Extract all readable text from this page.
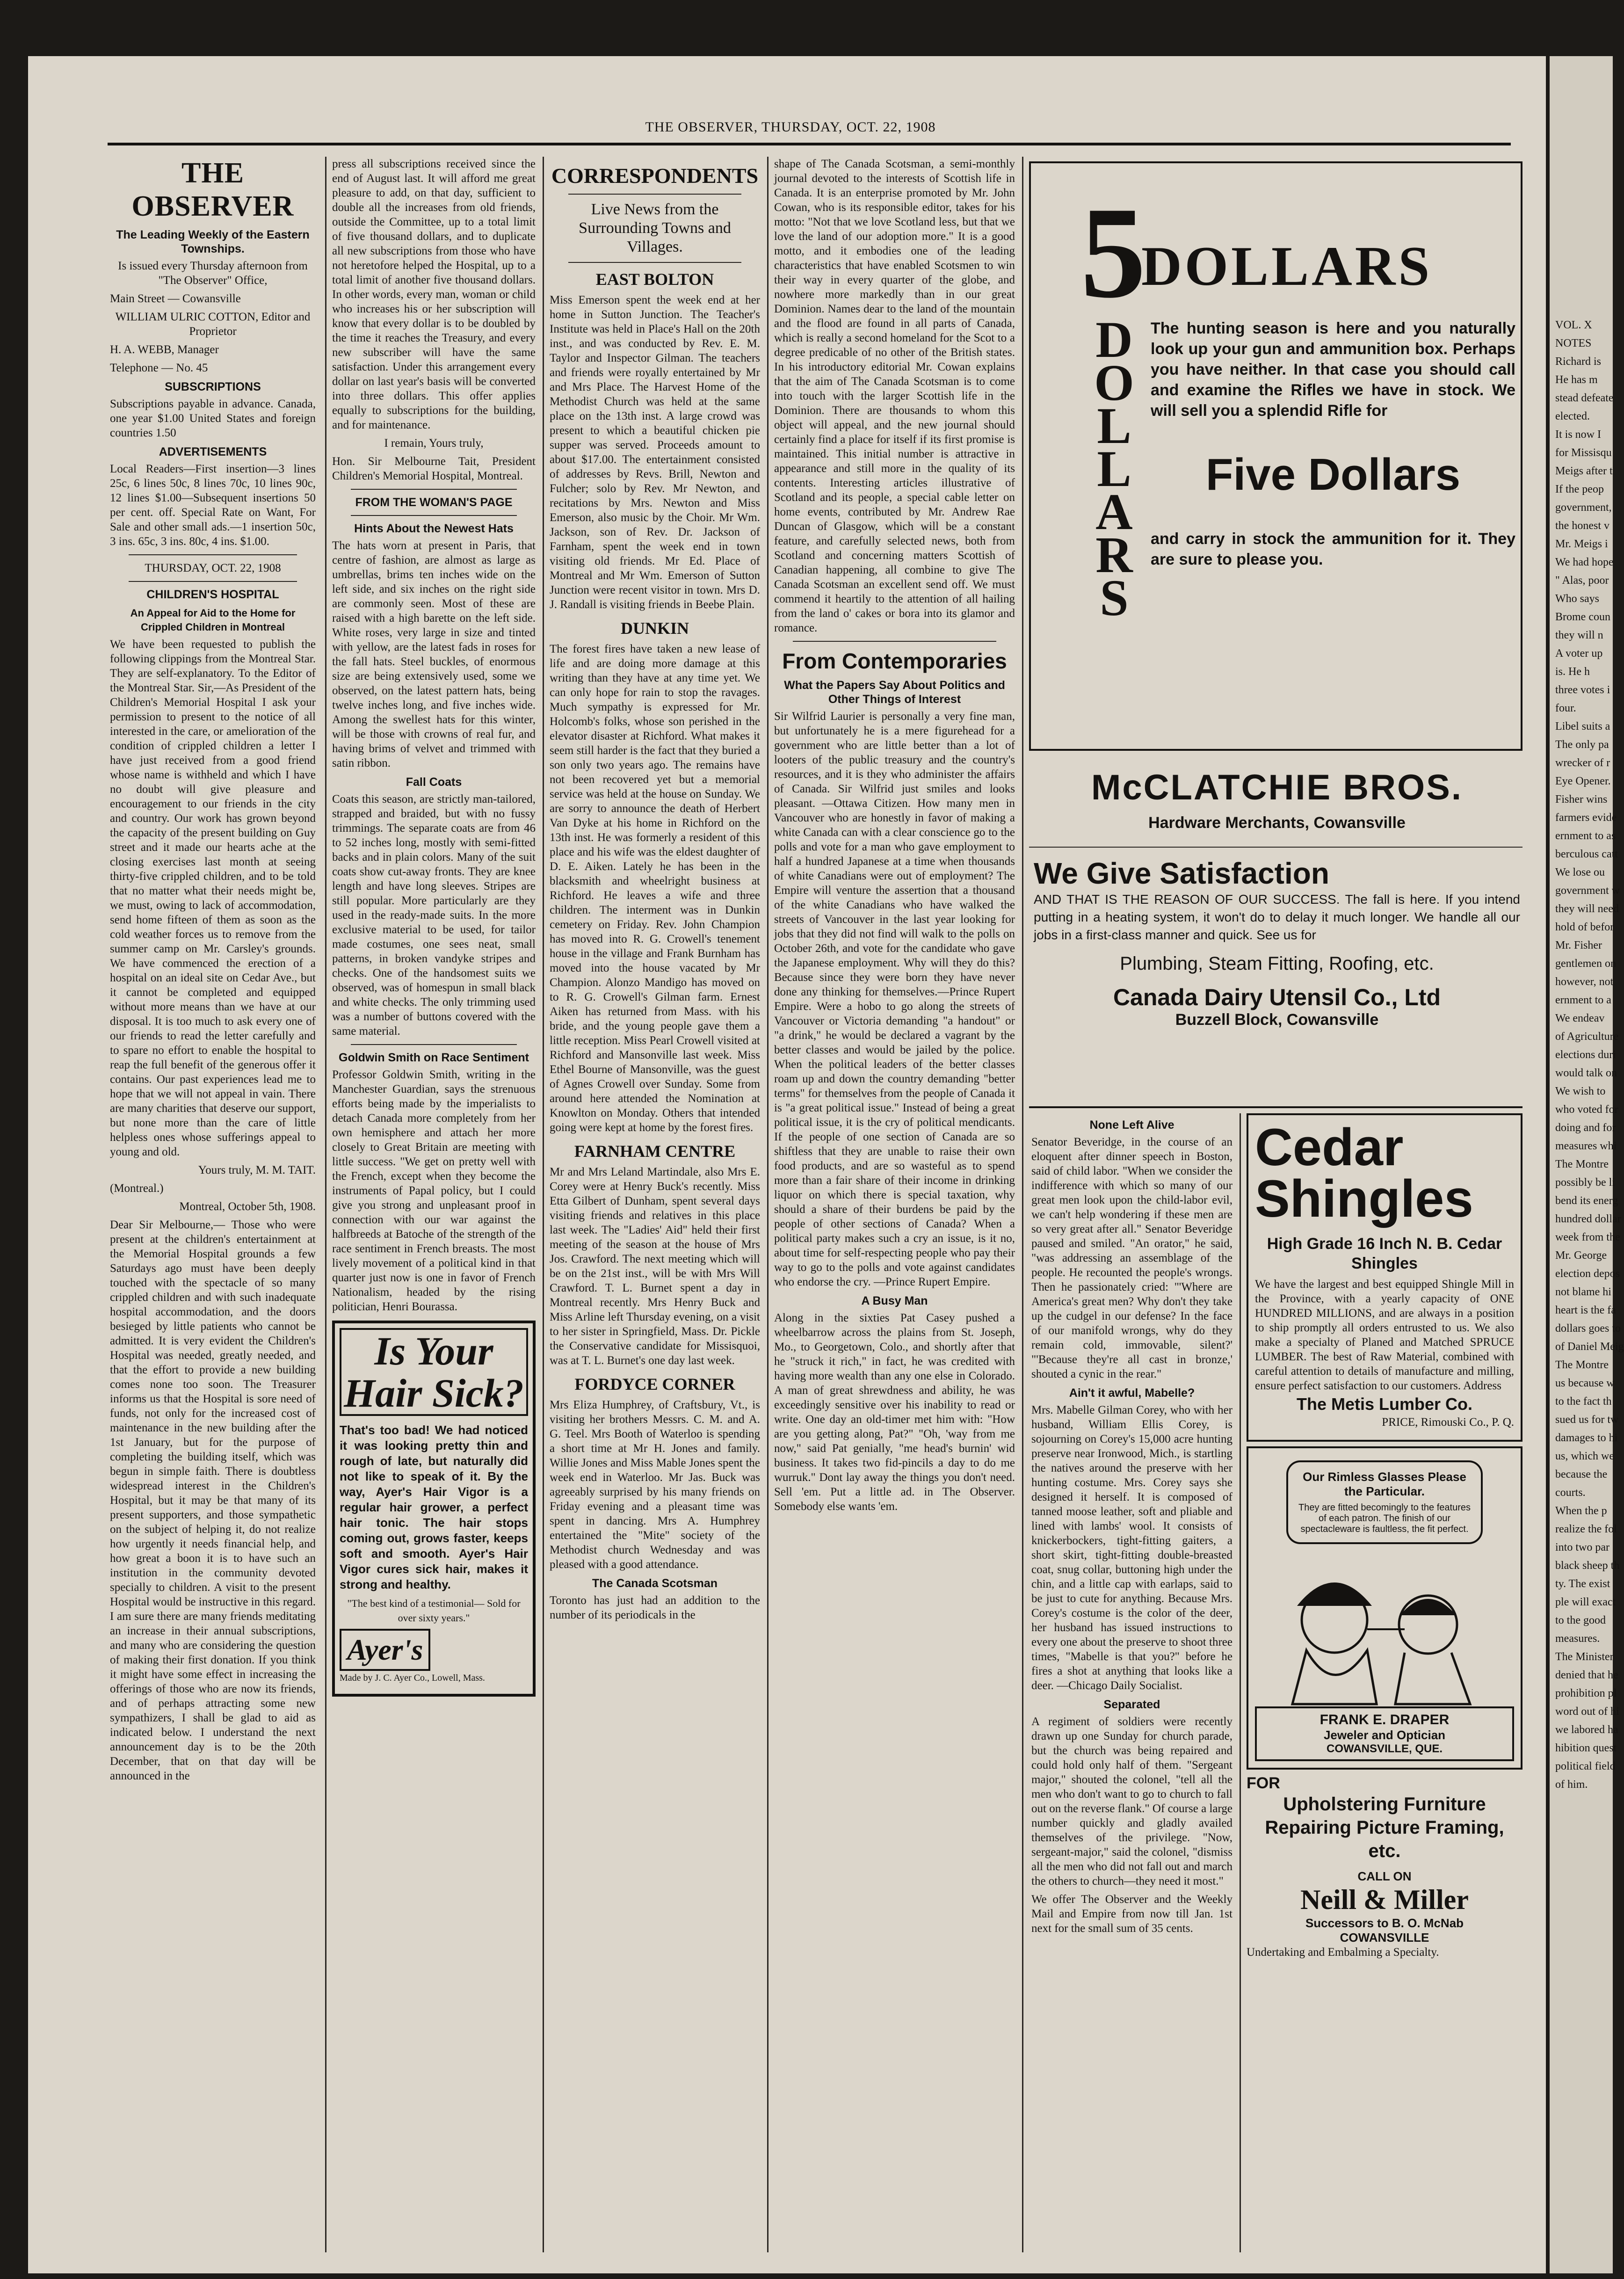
THE OBSERVER, THURSDAY, OCT. 22, 1908
THE OBSERVER
The Leading Weekly of the Eastern Townships.

Is issued every Thursday afternoon from "The Observer" Office,

Main Street — Cowansville

WILLIAM ULRIC COTTON, Editor and Proprietor

H. A. WEBB, Manager

Telephone — No. 45

SUBSCRIPTIONS

Subscriptions payable in advance. Canada, one year $1.00 United States and foreign countries 1.50

ADVERTISEMENTS

Local Readers—First insertion—3 lines 25c, 6 lines 50c, 8 lines 70c, 10 lines 90c, 12 lines $1.00—Subsequent insertions 50 per cent. off. Special Rate on Want, For Sale and other small ads.—1 insertion 50c, 3 ins. 65c, 3 ins. 80c, 4 ins. $1.00.

THURSDAY, OCT. 22, 1908

CHILDREN'S HOSPITAL
An Appeal for Aid to the Home for Crippled Children in Montreal

We have been requested to publish the following clippings from the Montreal Star. They are self-explanatory. To the Editor of the Montreal Star. Sir,—As President of the Children's Memorial Hospital I ask your permission to present to the notice of all interested in the care, or amelioration of the condition of crippled children a letter I have just received from a good friend whose name is withheld and which I have no doubt will give pleasure and encouragement to our friends in the city and country. Our work has grown beyond the capacity of the present building on Guy street and it made our hearts ache at the closing exercises last month at seeing thirty-five crippled children, and to be told that no matter what their needs might be, we must, owing to lack of accommodation, send home fifteen of them as soon as the cold weather forces us to remove from the summer camp on Mr. Carsley's grounds. We have commenced the erection of a hospital on an ideal site on Cedar Ave., but it cannot be completed and equipped without more means than we have at our disposal. It is too much to ask every one of our friends to read the letter carefully and to spare no effort to enable the hospital to reap the full benefit of the generous offer it contains. Our past experiences lead me to hope that we will not appeal in vain. There are many charities that deserve our support, but none more than the care of little helpless ones whose sufferings appeal to young and old.

Yours truly, M. M. TAIT.

(Montreal.)

Montreal, October 5th, 1908.

Dear Sir Melbourne,— Those who were present at the children's entertainment at the Memorial Hospital grounds a few Saturdays ago must have been deeply touched with the spectacle of so many crippled children and with such inadequate hospital accommodation, and the doors besieged by little patients who cannot be admitted. It is very evident the Children's Hospital was needed, greatly needed, and that the effort to provide a new building comes none too soon. The Treasurer informs us that the Hospital is sore need of funds, not only for the increased cost of maintenance in the new building after the 1st January, but for the purpose of completing the building itself, which was begun in simple faith. There is doubtless widespread interest in the Children's Hospital, but it may be that many of its present supporters, and those sympathetic on the subject of helping it, do not realize how urgently it needs financial help, and how great a boon it is to have such an institution in the community devoted specially to children. A visit to the present Hospital would be instructive in this regard. I am sure there are many friends meditating an increase in their annual subscriptions, and many who are considering the question of making their first donation. If you think it might have some effect in increasing the offerings of those who are now its friends, and of perhaps attracting some new sympathizers, I shall be glad to aid as indicated below. I understand the next announcement day is to be the 20th December, that on that day will be announced in the

press all subscriptions received since the end of August last. It will afford me great pleasure to add, on that day, sufficient to double all the increases from old friends, outside the Committee, up to a total limit of five thousand dollars, and to duplicate all new subscriptions from those who have not heretofore helped the Hospital, up to a total limit of another five thousand dollars. In other words, every man, woman or child who increases his or her subscription will know that every dollar is to be doubled by the time it reaches the Treasury, and every new subscriber will have the same satisfaction. Under this arrangement every dollar on last year's basis will be converted into three dollars. This offer applies equally to subscriptions for the building, and for maintenance.

I remain, Yours truly,

Hon. Sir Melbourne Tait, President Children's Memorial Hospital, Montreal.

FROM THE WOMAN'S PAGE
Hints About the Newest Hats

The hats worn at present in Paris, that centre of fashion, are almost as large as umbrellas, brims ten inches wide on the left side, and six inches on the right side are commonly seen. Most of these are raised with a high barette on the left side. White roses, very large in size and tinted with yellow, are the latest fads in roses for the fall hats. Steel buckles, of enormous size are being extensively used, some we observed, on the latest pattern hats, being twelve inches long, and five inches wide. Among the swellest hats for this winter, will be those with crowns of real fur, and having brims of velvet and trimmed with satin ribbon.

Fall Coats

Coats this season, are strictly man-tailored, strapped and braided, but with no fussy trimmings. The separate coats are from 46 to 52 inches long, mostly with semi-fitted backs and in plain colors. Many of the suit coats show cut-away fronts. They are knee length and have long sleeves. Stripes are still popular. More particularly are they used in the ready-made suits. In the more exclusive material to be used, for tailor made costumes, one sees neat, small patterns, in broken vandyke stripes and checks. One of the handsomest suits we observed, was of homespun in small black and white checks. The only trimming used was a number of buttons covered with the same material.

Goldwin Smith on Race Sentiment

Professor Goldwin Smith, writing in the Manchester Guardian, says the strenuous efforts being made by the imperialists to detach Canada more completely from her own hemisphere and attach her more closely to Great Britain are meeting with little success. "We get on pretty well with the French, except when they become the instruments of Papal policy, but I could give you strong and unpleasant proof in connection with our war against the halfbreeds at Batoche of the strength of the race sentiment in French breasts. The most lively movement of a political kind in that quarter just now is one in favor of French Nationalism, headed by the rising politician, Henri Bourassa.

Is Your Hair Sick?

That's too bad! We had noticed it was looking pretty thin and rough of late, but naturally did not like to speak of it. By the way, Ayer's Hair Vigor is a regular hair grower, a perfect hair tonic. The hair stops coming out, grows faster, keeps soft and smooth. Ayer's Hair Vigor cures sick hair, makes it strong and healthy.

"The best kind of a testimonial— Sold for over sixty years."

Ayer's

Made by J. C. Ayer Co., Lowell, Mass.

CORRESPONDENTS

Live News from the Surrounding Towns and Villages.

EAST BOLTON

Miss Emerson spent the week end at her home in Sutton Junction. The Teacher's Institute was held in Place's Hall on the 20th inst., and was conducted by Rev. E. M. Taylor and Inspector Gilman. The teachers and friends were royally entertained by Mr and Mrs Place. The Harvest Home of the Methodist Church was held at the same place on the 13th inst. A large crowd was present to which a beautiful chicken pie supper was served. Proceeds amount to about $17.00. The entertainment consisted of addresses by Revs. Brill, Newton and Fulcher; solo by Rev. Mr Newton, and recitations by Mrs. Newton and Miss Emerson, also music by the Choir. Mr Wm. Jackson, son of Rev. Dr. Jackson of Farnham, spent the week end in town visiting old friends. Mr Ed. Place of Montreal and Mr Wm. Emerson of Sutton Junction were recent visitor in town. Mrs D. J. Randall is visiting friends in Beebe Plain.

DUNKIN

The forest fires have taken a new lease of life and are doing more damage at this writing than they have at any time yet. We can only hope for rain to stop the ravages. Much sympathy is expressed for Mr. Holcomb's folks, whose son perished in the elevator disaster at Richford. What makes it seem still harder is the fact that they buried a son only two years ago. The remains have not been recovered yet but a memorial service was held at the house on Sunday. We are sorry to announce the death of Herbert Van Dyke at his home in Richford on the 13th inst. He was formerly a resident of this place and his wife was the eldest daughter of D. E. Aiken. Lately he has been in the blacksmith and wheelright business at Richford. He leaves a wife and three children. The interment was in Dunkin cemetery on Friday. Rev. John Champion has moved into R. G. Crowell's tenement house in the village and Frank Burnham has moved into the house vacated by Mr Champion. Alonzo Mandigo has moved on to R. G. Crowell's Gilman farm. Ernest Aiken has returned from Mass. with his bride, and the young people gave them a little reception. Miss Pearl Crowell visited at Richford and Mansonville last week. Miss Ethel Bourne of Mansonville, was the guest of Agnes Crowell over Sunday. Some from around here attended the Nomination at Knowlton on Monday. Others that intended going were kept at home by the forest fires.

FARNHAM CENTRE

Mr and Mrs Leland Martindale, also Mrs E. Corey were at Henry Buck's recently. Miss Etta Gilbert of Dunham, spent several days visiting friends and relatives in this place last week. The "Ladies' Aid" held their first meeting of the season at the house of Mrs Jos. Crawford. The next meeting which will be on the 21st inst., will be with Mrs Will Crawford. T. L. Burnet spent a day in Montreal recently. Mrs Henry Buck and Miss Arline left Thursday evening, on a visit to her sister in Springfield, Mass. Dr. Pickle the Conservative candidate for Missisquoi, was at T. L. Burnet's one day last week.

FORDYCE CORNER

Mrs Eliza Humphrey, of Craftsbury, Vt., is visiting her brothers Messrs. C. M. and A. G. Teel. Mrs Booth of Waterloo is spending a short time at Mr H. Jones and family. Willie Jones and Miss Mable Jones spent the week end in Waterloo. Mr Jas. Buck was agreeably surprised by his many friends on Friday evening and a pleasant time was spent in dancing. Mrs A. Humphrey entertained the "Mite" society of the Methodist church Wednesday and was pleased with a good attendance.

The Canada Scotsman

Toronto has just had an addition to the number of its periodicals in the

shape of The Canada Scotsman, a semi-monthly journal devoted to the interests of Scottish life in Canada. It is an enterprise promoted by Mr. John Cowan, who is its responsible editor, takes for his motto: "Not that we love Scotland less, but that we love the land of our adoption more." It is a good motto, and it embodies one of the leading characteristics that have enabled Scotsmen to win their way in every quarter of the globe, and nowhere more markedly than in our great Dominion. Names dear to the land of the mountain and the flood are found in all parts of Canada, which is really a second homeland for the Scot to a degree predicable of no other of the British states. In his introductory editorial Mr. Cowan explains that the aim of The Canada Scotsman is to come into touch with the larger Scottish life in the Dominion. There are thousands to whom this object will appeal, and the new journal should certainly find a place for itself if its first promise is maintained. This initial number is attractive in appearance and still more in the quality of its contents. Interesting articles illustrative of Scotland and its people, a special cable letter on home events, contributed by Mr. Andrew Rae Duncan of Glasgow, which will be a constant feature, and carefully selected news, both from Scotland and concerning matters Scottish of Canadian happening, all combine to give The Canada Scotsman an excellent send off. We must commend it heartily to the attention of all hailing from the land o' cakes or bora into its glamor and romance.

From Contemporaries
What the Papers Say About Politics and Other Things of Interest

Sir Wilfrid Laurier is personally a very fine man, but unfortunately he is a mere figurehead for a government who are little better than a lot of looters of the public treasury and the country's resources, and it is they who administer the affairs of Canada. Sir Wilfrid just smiles and looks pleasant. —Ottawa Citizen. How many men in Vancouver who are honestly in favor of making a white Canada can with a clear conscience go to the polls and vote for a man who gave employment to half a hundred Japanese at a time when thousands of white Canadians were out of employment? The Empire will venture the assertion that a thousand of the white Canadians who have walked the streets of Vancouver in the last year looking for jobs that they did not find will walk to the polls on October 26th, and vote for the candidate who gave the Japanese employment. Why will they do this? Because since they were born they have never done any thinking for themselves.—Prince Rupert Empire. Were a hobo to go along the streets of Vancouver or Victoria demanding "a handout" or "a drink," he would be declared a vagrant by the better classes and would be jailed by the police. When the political leaders of the better classes roam up and down the country demanding "better terms" for themselves from the people of Canada it is "a great political issue." Instead of being a great political issue, it is the cry of political mendicants. If the people of one section of Canada are so shiftless that they are unable to raise their own food products, and are so wasteful as to spend more than a fair share of their income in drinking liquor on which there is special taxation, why should a share of their burdens be paid by the people of other sections of Canada? When a political party makes such a cry an issue, is it no, about time for self-respecting people who pay their way to go to the polls and vote against candidates who endorse the cry. —Prince Rupert Empire.

A Busy Man

Along in the sixties Pat Casey pushed a wheelbarrow across the plains from St. Joseph, Mo., to Georgetown, Colo., and shortly after that he "struck it rich," in fact, he was credited with having more wealth than any one else in Colorado. A man of great shrewdness and ability, he was exceedingly sensitive over his inability to read or write. One day an old-timer met him with: "How are you getting along, Pat?" "Oh, 'way from me now," said Pat genially, "me head's burnin' wid business. It takes two fid-pincils a day to do me wurruk." Dont lay away the things you don't need. Sell 'em. Put a little ad. in The Observer. Somebody else wants 'em.

5
DOLLARS
D O L L A R S

The hunting season is here and you naturally look up your gun and ammunition box. Perhaps you have neither. In that case you should call and examine the Rifles we have in stock. We will sell you a splendid Rifle for

Five Dollars

and carry in stock the ammunition for it. They are sure to please you.

McCLATCHIE BROS.
Hardware Merchants, Cowansville
We Give Satisfaction

AND THAT IS THE REASON OF OUR SUCCESS. The fall is here. If you intend putting in a heating system, it won't do to delay it much longer. We handle all our jobs in a first-class manner and quick. See us for

Plumbing, Steam Fitting, Roofing, etc.
Canada Dairy Utensil Co., Ltd
Buzzell Block, Cowansville
None Left Alive

Senator Beveridge, in the course of an eloquent after dinner speech in Boston, said of child labor. "When we consider the indifference with which so many of our great men look upon the child-labor evil, we can't help wondering if these men are so very great after all." Senator Beveridge paused and smiled. "An orator," he said, "was addressing an assemblage of the people. He recounted the people's wrongs. Then he passionately cried: "'Where are America's great men? Why don't they take up the cudgel in our defense? In the face of our manifold wrongs, why do they remain cold, immovable, silent?' "'Because they're all cast in bronze,' shouted a cynic in the rear."

Ain't it awful, Mabelle?

Mrs. Mabelle Gilman Corey, who with her husband, William Ellis Corey, is sojourning on Corey's 15,000 acre hunting preserve near Ironwood, Mich., is startling the natives around the preserve with her hunting costume. Mrs. Corey says she designed it herself. It is composed of tanned moose leather, soft and pliable and lined with lambs' wool. It consists of knickerbockers, tight-fitting gaiters, a short skirt, tight-fitting double-breasted coat, snug collar, buttoning high under the chin, and a little cap with earlaps, said to be just to cute for anything. Because Mrs. Corey's costume is the color of the deer, her husband has issued instructions to every one about the preserve to shoot three times, "Mabelle is that you?" before he fires a shot at anything that looks like a deer. —Chicago Daily Socialist.

Separated

A regiment of soldiers were recently drawn up one Sunday for church parade, but the church was being repaired and could hold only half of them. "Sergeant major," shouted the colonel, "tell all the men who don't want to go to church to fall out on the reverse flank." Of course a large number quickly and gladly availed themselves of the privilege. "Now, sergeant-major," said the colonel, "dismiss all the men who did not fall out and march the others to church—they need it most."

We offer The Observer and the Weekly Mail and Empire from now till Jan. 1st next for the small sum of 35 cents.

Cedar Shingles

High Grade 16 Inch N. B. Cedar Shingles

We have the largest and best equipped Shingle Mill in the Province, with a yearly capacity of ONE HUNDRED MILLIONS, and are always in a position to ship promptly all orders entrusted to us. We also make a specialty of Planed and Matched SPRUCE LUMBER. The best of Raw Material, combined with careful attention to details of manufacture and milling, ensure perfect satisfaction to our customers. Address

The Metis Lumber Co.

PRICE, Rimouski Co., P. Q.

Our Rimless Glasses Please the Particular.
They are fitted becomingly to the features of each patron. The finish of our spectacleware is faultless, the fit perfect.
FRANK E. DRAPER
Jeweler and Optician
COWANSVILLE, QUE.
FOR
Upholstering Furniture Repairing Picture Framing, etc.
CALL ON
Neill & Miller
Successors to B. O. McNab
COWANSVILLE

Undertaking and Embalming a Specialty.

VOL. X

NOTES

Richard is

He has m

stead defeate

elected.

It is now I

for Missisqu

Meigs after t

If the peop

government,

the honest v

Mr. Meigs i

We had hope

" Alas, poor

Who says

Brome coun

they will n

A voter up

is. He h

three votes i

four.

Libel suits a

The only pa

wrecker of r

Eye Opener.

Fisher wins

farmers evide

ernment to as

berculous catt

We lose ou

government w

they will need

hold of befor

Mr. Fisher

gentlemen on

however, not

ernment to a

We endeav

of Agriculture

elections duri

would talk on

We wish to

who voted for

doing and for

measures whi

The Montre

possibly be li

bend its energ

hundred dollar

week from the

Mr. George

election depos

not blame hi

heart is the fa

dollars goes to

of Daniel Meig

The Montre

us because w

to the fact th

sued us for tw

damages to hi

us, which we

because the

courts.

When the p

realize the fol

into two par

black sheep th

ty. The exist

ple will exact

to the good

measures.

The Minister

denied that he

prohibition pl

word out of hi

we labored ha

hibition quest

political field

of him.
